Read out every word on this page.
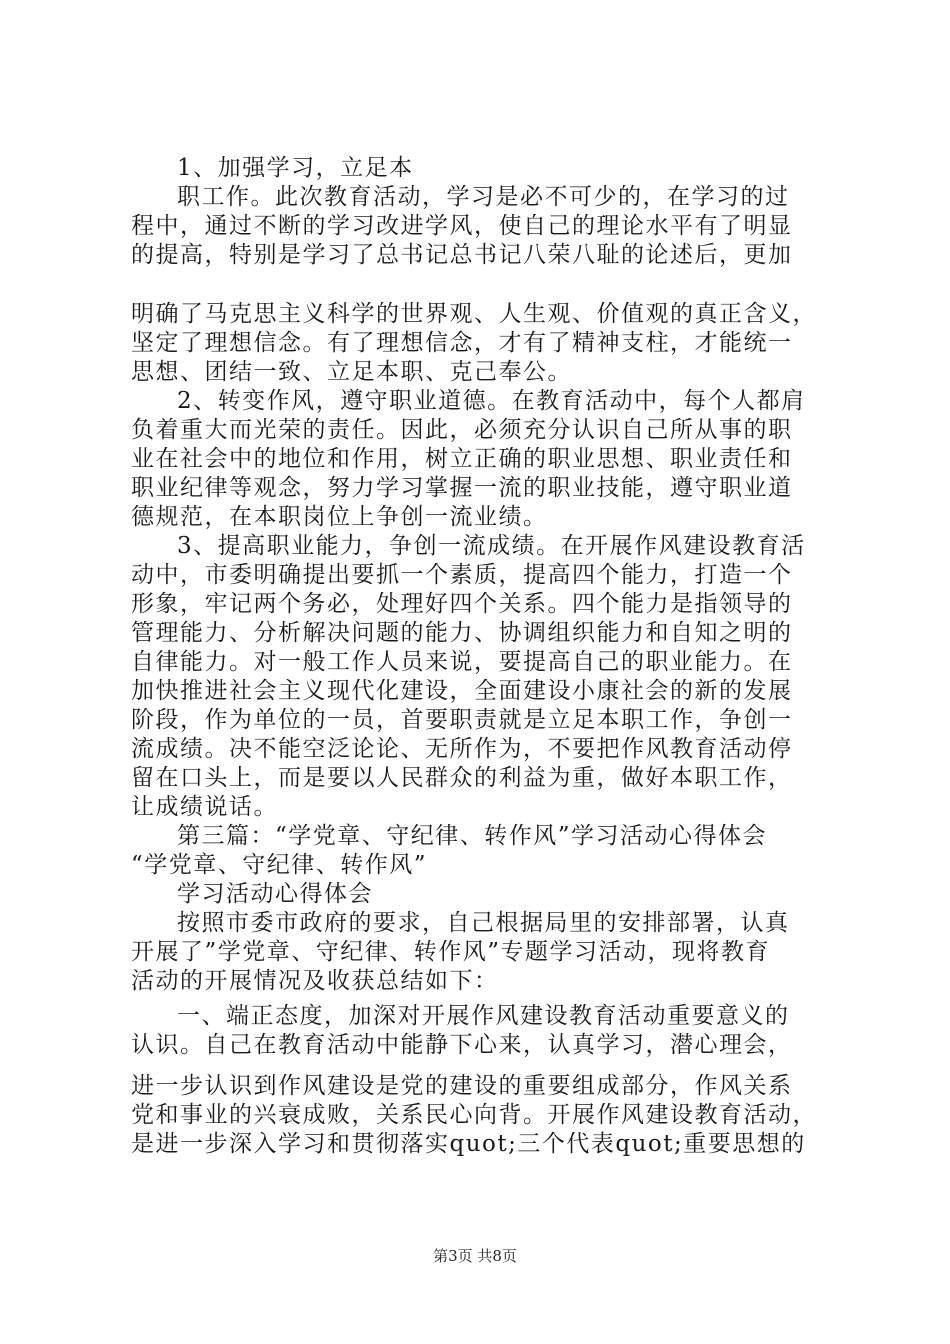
1、加强学习，立足本
职工作。此次教育活动，学习是必不可少的，在学习的过
程中，通过不断的学习改进学风，使自己的理论水平有了明显
的提高，特别是学习了总书记总书记八荣八耻的论述后，更加
明确了马克思主义科学的世界观、人生观、价值观的真正含义，
坚定了理想信念。有了理想信念，才有了精神支柱，才能统一
思想、团结一致、立足本职、克己奉公。
2、转变作风，遵守职业道德。在教育活动中，每个人都肩
负着重大而光荣的责任。因此，必须充分认识自己所从事的职
业在社会中的地位和作用，树立正确的职业思想、职业责任和
职业纪律等观念，努力学习掌握一流的职业技能，遵守职业道
德规范，在本职岗位上争创一流业绩。
3、提高职业能力，争创一流成绩。在开展作风建设教育活
动中，市委明确提出要抓一个素质，提高四个能力，打造一个
形象，牢记两个务必，处理好四个关系。四个能力是指领导的
管理能力、分析解决问题的能力、协调组织能力和自知之明的
自律能力。对一般工作人员来说，要提高自己的职业能力。在
加快推进社会主义现代化建设，全面建设小康社会的新的发展
阶段，作为单位的一员，首要职责就是立足本职工作，争创一
流成绩。决不能空泛论论、无所作为，不要把作风教育活动停
留在口头上，而是要以人民群众的利益为重，做好本职工作，
让成绩说话。
第三篇：“学党章、守纪律、转作风”学习活动心得体会
“学党章、守纪律、转作风”
学习活动心得体会
按照市委市政府的要求，自己根据局里的安排部署，认真
开展了”学党章、守纪律、转作风”专题学习活动，现将教育
活动的开展情况及收获总结如下：
一、端正态度，加深对开展作风建设教育活动重要意义的
认识。自己在教育活动中能静下心来，认真学习，潜心理会，
进一步认识到作风建设是党的建设的重要组成部分，作风关系
党和事业的兴衰成败，关系民心向背。开展作风建设教育活动，
是进一步深入学习和贯彻落实quot;三个代表quot;重要思想的
第3页 共8页
